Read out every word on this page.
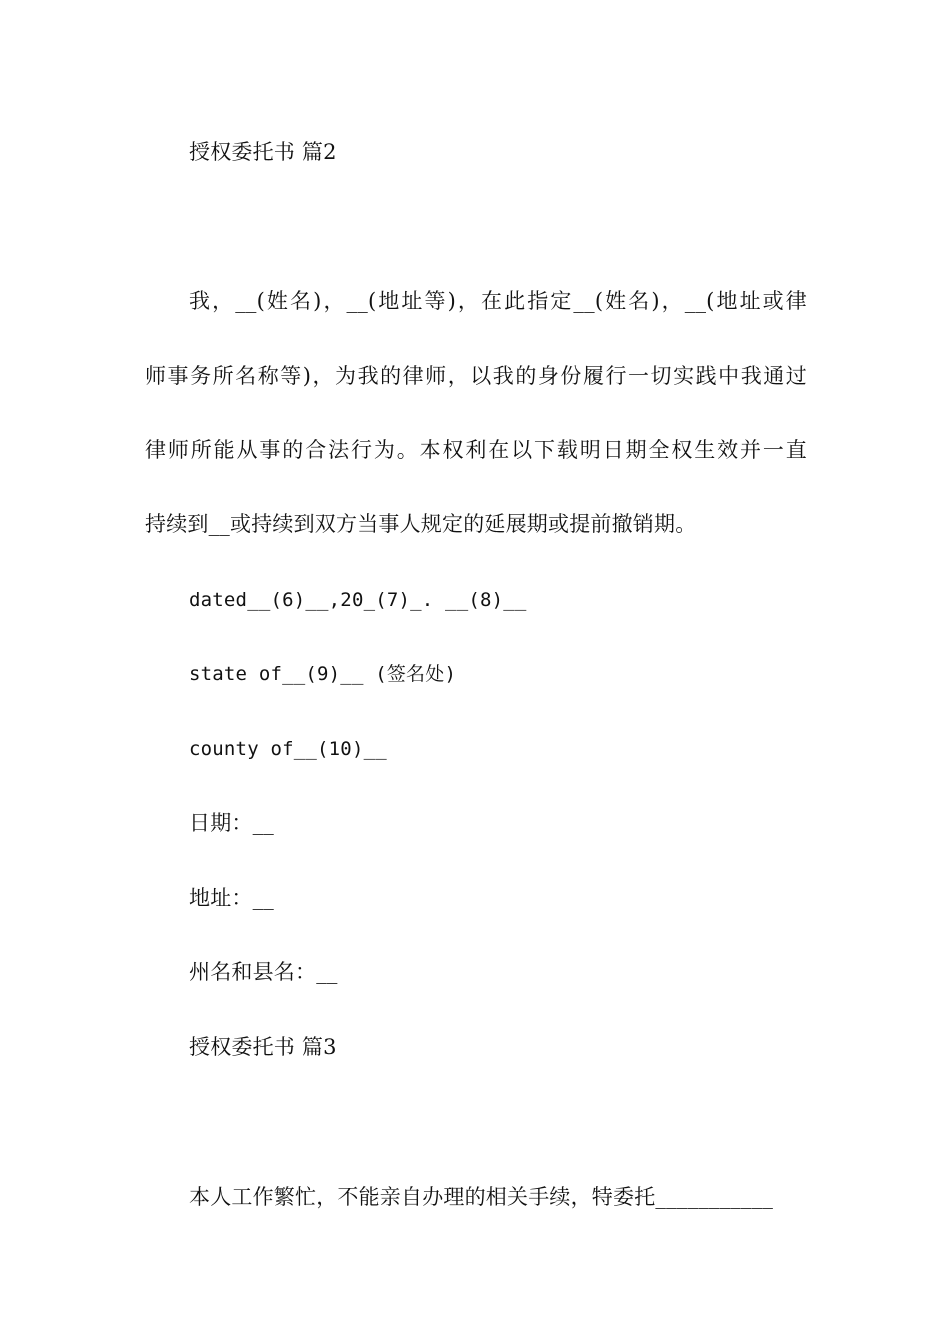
授权委托书 篇2
我，__(姓名)，__(地址等)，在此指定__(姓名)，__(地址或律
师事务所名称等)，为我的律师，以我的身份履行一切实践中我通过
律师所能从事的合法行为。本权利在以下载明日期全权生效并一直
持续到__或持续到双方当事人规定的延展期或提前撤销期。
dated__(6)__,20_(7)_. __(8)__
state of__(9)__ (签名处)
county of__(10)__
日期：__
地址：__
州名和县名：__
授权委托书 篇3
本人工作繁忙，不能亲自办理的相关手续，特委托___________
